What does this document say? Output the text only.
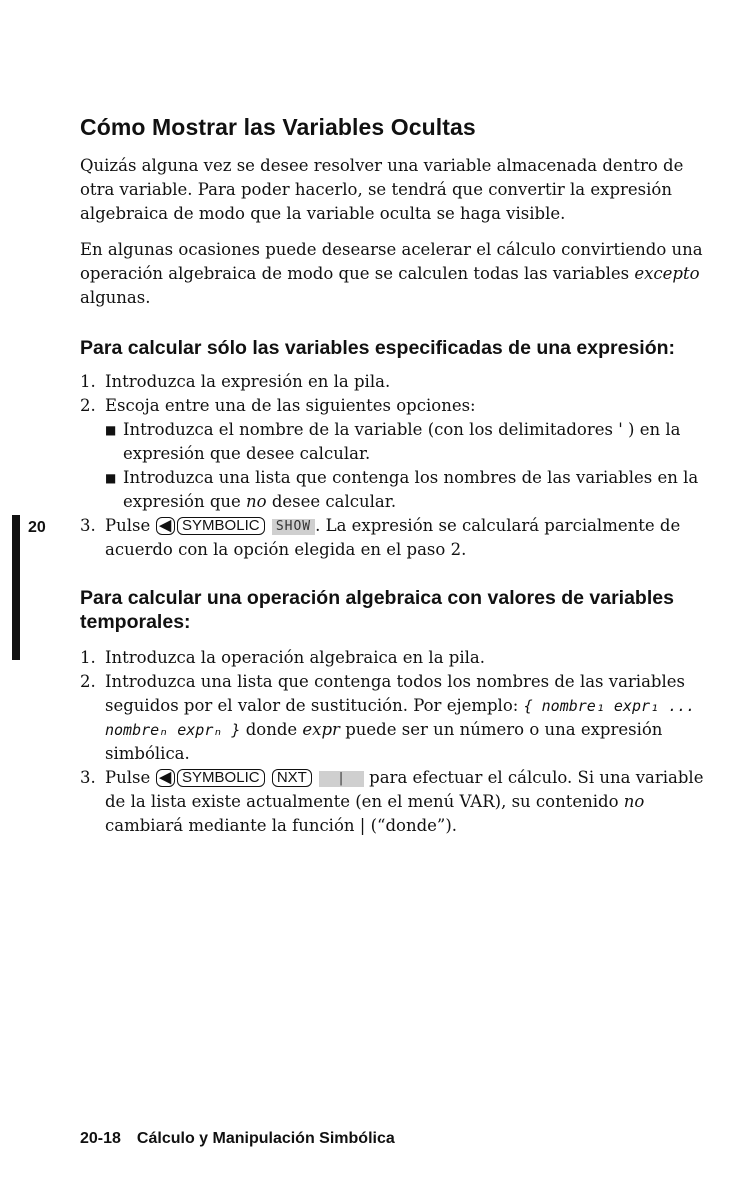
Cómo Mostrar las Variables Ocultas

Quizás alguna vez se desee resolver una variable almacenada dentro de otra variable. Para poder hacerlo, se tendrá que convertir la expresión algebraica de modo que la variable oculta se haga visible.

En algunas ocasiones puede desearse acelerar el cálculo convirtiendo una operación algebraica de modo que se calculen todas las variables excepto algunas.

Para calcular sólo las variables especificadas de una expresión:
1. Introduzca la expresión en la pila.
2. Escoja entre una de las siguientes opciones:
■ Introduzca el nombre de la variable (con los delimitadores ' ) en la expresión que desee calcular.
■ Introduzca una lista que contenga los nombres de las variables en la expresión que no desee calcular.
3. Pulse ◀ SYMBOLIC SHOW . La expresión se calculará parcialmente de acuerdo con la opción elegida en el paso 2.
20
Para calcular una operación algebraica con valores de variables temporales:
1. Introduzca la operación algebraica en la pila.
2. Introduzca una lista que contenga todos los nombres de las variables seguidos por el valor de sustitución. Por ejemplo: { nombre₁ expr₁ ... nombreₙ exprₙ } donde expr puede ser un número o una expresión simbólica.
3. Pulse ◀ SYMBOLIC NXT | para efectuar el cálculo. Si una variable de la lista existe actualmente (en el menú VAR), su contenido no cambiará mediante la función | (“donde”).
20-18 Cálculo y Manipulación Simbólica
